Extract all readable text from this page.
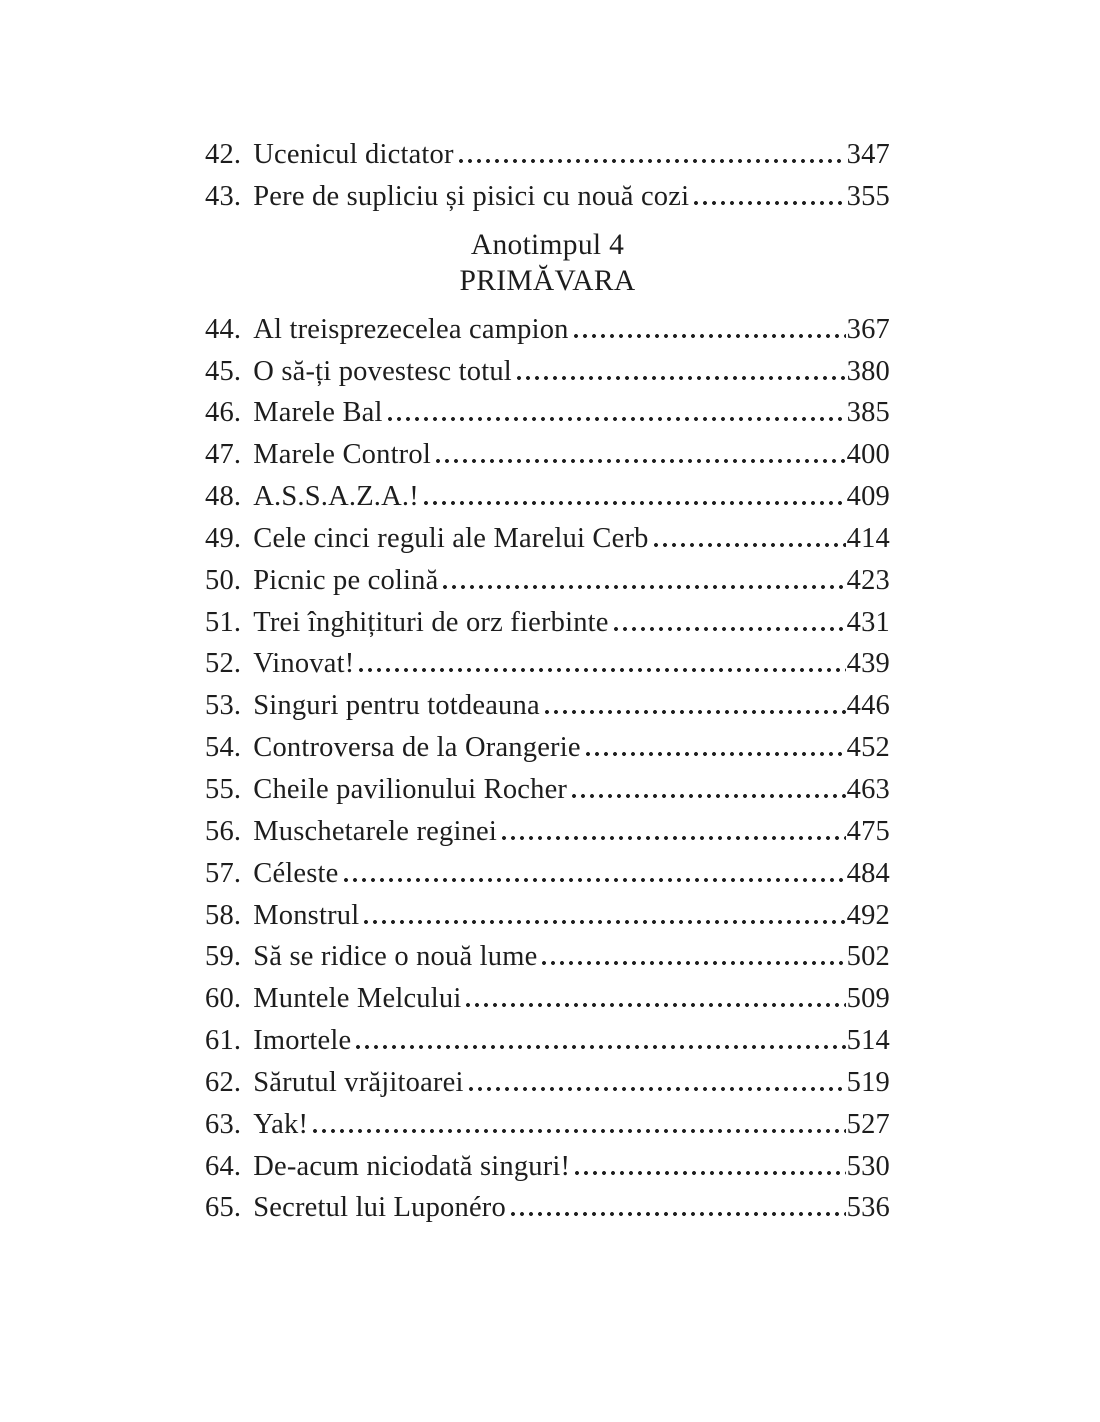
42. Ucenicul dictator	347
43. Pere de supliciu și pisici cu nouă cozi	355
Anotimpul 4
PRIMĂVARA
44. Al treisprezecelea campion	367
45. O să-ți povestesc totul	380
46. Marele Bal	385
47. Marele Control	400
48. A.S.S.A.Z.A.!	409
49. Cele cinci reguli ale Marelui Cerb	414
50. Picnic pe colină	423
51. Trei înghițituri de orz fierbinte	431
52. Vinovat!	439
53. Singuri pentru totdeauna	446
54. Controversa de la Orangerie	452
55. Cheile pavilionului Rocher	463
56. Muschetarele reginei	475
57. Céleste	484
58. Monstrul	492
59. Să se ridice o nouă lume	502
60. Muntele Melcului	509
61. Imortele	514
62. Sărutul vrăjitoarei	519
63. Yak!	527
64. De-acum niciodată singuri!	530
65. Secretul lui Luponéro	536
